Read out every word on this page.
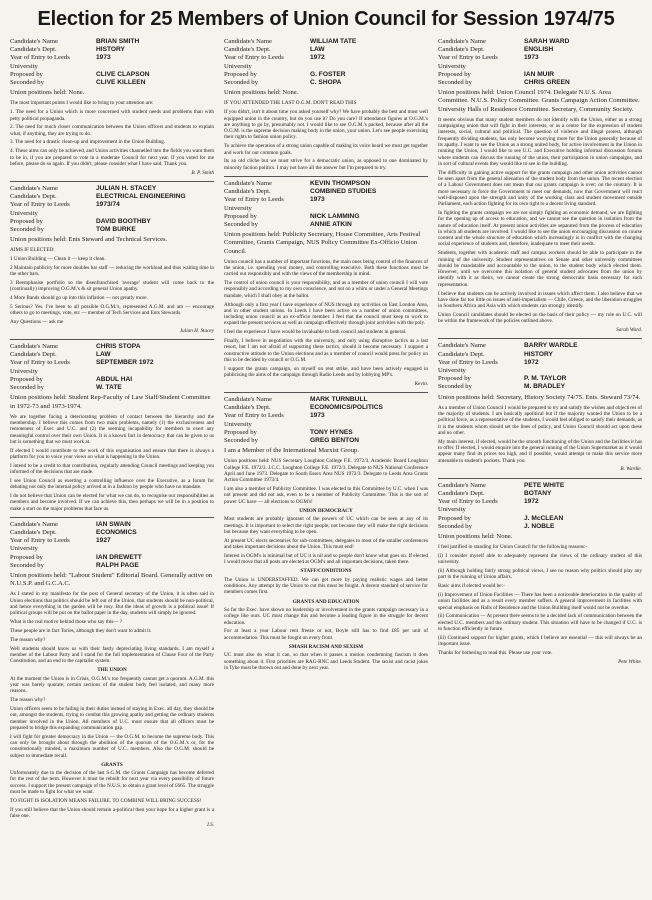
Election for 25 Members of Union Council for Session 1974/75
Candidate's Name	BRIAN SMITH
Candidate's Dept.	HISTORY
Year of Entry to Leeds University
1973
Proposed by	CLIVE CLAPSON
Seconded by	CLIVE KILLEEN
Union positions held: None.

The most important points I would like to bring to your attention are:

1. The need for a Union which is more concerned with student needs and problems than with petty political propaganda.

2. The need for much closer communication between the Union officers and students to explain what, if anything, they are trying to do.

3. The need for a drastic clean-up and improvement in the Union Building.

4. These aims can only be achieved, and Union activities channelled into the fields you want them to be in, if you are prepared to vote in a moderate Council for next year. If you voted for me before, please do so again. If you didn't, please consider what I have said. Thank you.

B. P. Smith

Candidate's Name	JULIAN H. STACEY
Candidate's Dept.	ELECTRICAL ENGINEERING
Year of Entry to Leeds University
1973/74
Proposed by	DAVID BOOTHBY
Seconded by	TOM BURKE
Union positions held: Ents Steward and Technical Services.

AIMS IF ELECTED:

1 Union Building — Clean it — keep it clean.

2 Maintain publicity for more doubles bar staff — reducing the workload and thus waiting time in the other bars.

3 Reemphasise portfolio so the disenfranchised 'average' student will come back to the (continually) improving O.G.M.'s & sit general Union apathy.

4 More Bands should go up into this inflation — not greatly more.

5 Serious? Yes. I've been to all possible O.G.M.'s, represented A.G.M. and am — encourage others to go to meetings, vote, etc — member of Tech Services and Ents Stewards.

Any Questions — ask me

Julian H. Stacey

Candidate's Name	CHRIS STOPA
Candidate's Dept.	LAW
Year of Entry to Leeds University
SEPTEMBER 1972
Proposed by	ABDUL HAI
Seconded by	W. TATE
Union positions held: Student Rep-Faculty of Law Staff/Student Committee in 1972-73 and 1973-1974.

We are together facing a deteriorating problem of contact between the hierarchy and the membership. I believe this comes from two main problems, namely (1) the exclusiveness and remoteness of Exec and U.C. and (2) the seeming incapability for members to exert any meaningful control over their own Union. It is a known fact in democracy that can be given to us but is something that we must work at.

If elected I would contribute to the work of this organisation and ensure that there is always a platform for you to voice your views on what is happening in the Union.

I intend to be a credit to that contribution, regularly attending Council meetings and keeping you informed of the decisions that are made.

I see Union Council as exerting a controlling influence over the Executive, as a forum for debating not only the internal policy arrived at in a fashion by people who have no mandate.

I do not believe that Union can be elected for what we can do, to recognise our responsibilities as members and become involved. If we can achieve this, then perhaps we will be in a position to make a start on the major problems that face us.

Candidate's Name	IAN SWAIN
Candidate's Dept.	ECONOMICS
Year of Entry to Leeds University
1927
Proposed by	IAN DREWETT
Seconded by	RALPH PAGE
Union positions held: "Labour Student" Editorial Board. Generally active on N.U.S.P. and G.C.A.C.

As I stated in my manifesto for the post of General secretary of the Union, it is often said in Union elections that politics should be left out of the Union, that students should be non-political, and hence everything in the garden will be rosy. But the ideas of growth is a political issue! If political groups will be put on the ballot paper in the day, students will simply be ignored.

What is the real motive behind those who say this— ?

These people are in fact Tories, although they don't want to admit it.

The reason why?

Well students should know us with their fastly depreciating living standards. I am myself a member of the Labour Party and I stand for the full implementation of Clause Four of the Party Constitution, and an end to the capitalist system.

THE UNION

At the moment the Union is in Crisis, O.G.M.'s too frequently cannot get a quorum. A.G.M. this year was barely quorate; certain sections of the student body feel isolated, and many more reasons.

The reason why?

Union officers seem to be failing in their duties instead of staying in Exec. all day, they should be out, amongst the students, trying to combat this growing apathy and getting the ordinary students member involved in the Union. All members of U.C. must ensure that all officers must be prepared to bridge this expanding communication gap.

I will fight for greater democracy in the Union — the O.G.M. to become the supreme body. This can only be brought about through the abolition of the quorum of the O.G.M.'s or, for the constitutionally minded, a maximum number of U.C. members. Also the O.G.M. should be subject to immediate recall.

GRANTS

Unfortunately due to the decision of the last S.G.M. the Grants Campaign has become deferred for the rest of the term. However it must be rebuilt for next year via every possibility of future success. I support the present campaign of the N.U.S. to obtain a grant level of £665. The struggle must be made to fight for what we want.

TO FIGHT IS ISOLATION MEANS FAILURE. TO COMBINE WILL BRING SUCCESS!

If you still believe that the Union should remain a-political then your hope for a higher grant is a false one.

I.S.

Candidate's Name	WILLIAM TATE
Candidate's Dept.	LAW
Year of Entry to Leeds University
1972
Proposed by	G. FOSTER
Seconded by	C. SHOPA
Union positions held: None.

IF YOU ATTENDED THE LAST O.G.M. DON'T READ THIS

If you didn't, isn't it about time you asked yourself why? We have probably the best and most well equipped union in the country, but do you use it? Do you care? If attendance figures at O.G.M.'s are anything to go by, presumably not. I would like to see O.G.M.'s packed, because after all the O.G.M. is the supreme decision making body in the union, your union. Let's see people exercising their rights to fashion union policy.

To achieve the operation of a strong union capable of making its voice heard we must get together and work for our common goals.

Its an old cliche but we must strive for a democratic union, as opposed to one dominated by minority faction politics. I may not have all the answer but I'm prepared to try.

Candidate's Name	KEVIN THOMPSON
Candidate's Dept.	COMBINED STUDIES
Year of Entry to Leeds University
1973
Proposed by	NICK LAMMING
Seconded by	ANNIE ATKIN
Union positions held: Publicity Secretary, House Committee, Arts Festival Committee, Grants Campaign, NUS Policy Committee Ex-Officio Union Council.

Union council has a number of important functions, the main ones being control of the finances of the union, i.e. spending your money, and controlling executive. Both these functions must be carried out responsibly and with the views of the membership in mind.

The control of union council is your responsibility, and as a member of union council I will vote responsibly and according to my own conscience, and not on a whim or under a General Meetings mandate, which I shall obey at the ballot.

Although only a first year I have experience of NUS through my activities on East London Area, and in other student unions. In Leeds I have been active on a number of union committees, including union council as an ex-officio member. I feel that the council must keep to work to expand the present services as well as campaign effectively through joint activities with the poly.

I feel the experience I have would be invaluable to both council and students in general.

Finally, I believe in negotiation with the university, and only using disruptive tactics as a last resort, but I am not afraid of supporting these tactics, should it become necessary. I support a constructive attitude to the Union elections and as a member of council would press for policy on this to be decided by council or O.G.M.

I support the grants campaign, on myself on rent strike, and have been actively engaged in publicising the aims of the campaign through Radio Leeds and by lobbying MP's.

Kevin.

Candidate's Name	MARK TURNBULL
Candidate's Dept.	ECONOMICS/POLITICS
Year of Entry to Leeds University
1973
Proposed by	TONY HYNES
Seconded by	GREG BENTON
I am a Member of the International Marxist Group.

Union positions held: NUS Secretary Loughton College F.E. 1972/3. Academic Board Loughton College F.E. 1972/3. J.C.C. Loughton College F.E. 1972/3. Delegate to NUS National Conference April and June 1973. Delegate to South Essex Area NUS 1972/3. Delegate to Leeds Area Grants Action Committee 1973/4.

I am also a member of Publicity Committee. I was elected to this Committee by U.C. when I was not present and did not ask, even to be a member of Publicity Committee. This is the sort of power UC have — all elections to OGM's!

UNION DEMOCRACY

Most students are probably ignorant of the powers of UC which can be seen at any of its meetings. It is important to select the right people, not because they will make the right decisions but because they want everything to be open.

At present UC elects secretaries for sub-committees, delegates to most of the smaller conferences and takes important decisions about the Union. This must end!

Interest in OGM's is minimal but of UC it is nil and so people don't know what goes on. If elected I would move that all posts are elected at OGM's and all important decisions, taken there.

STAFF/CONDITIONS

The Union is UNDERSTAFFED. We can get more by paying realistic wages and better conditions. Any attempt by the Union to cut this must be fought. A decent standard of service for members comes first.

GRANTS AND EDUCATION

So far the Exec. have shown no leadership or involvement in the grants campaign necessary in a college like ours. UC must change this and become a leading figure in the struggle for decent education.

For at least a year Labour rent freeze or not, Boyle still has to find £85 per unit of accommodation. This must be fought on every front.

SMASH RACISM AND SEXISM

UC must also do what it can, so that when it passes a motion condemning fascism it does something about it. First priorities are RAG-RNC and Leeds Student. The sexist and racist jokes in Tyke must be thrown out and done by next year.

Candidate's Name	SARAH WARD
Candidate's Dept.	ENGLISH
Year of Entry to Leeds University
1973
Proposed by	IAN MUIR
Seconded by	CHRIS GREEN
Union positions held: Union Council 1974. Delegate N.U.S. Area Committee. N.U.S. Policy Committee. Grants Campaign Action Committee. University Halls of Residence Committee. Secretary, Community Society.

It seems obvious that many student members do not identify with the Union, either as a strong campaigning union that will fight in their interests, or as a centre for the expression of student interests, social, cultural and political. The question of violence and illegal protest, although frequently dividing students, has only become worrying more for the Union generally because of its apathy. I want to see the Union as a strong united body, for active involvement in the Union in running the Union, I would like to see U.C. and Executive holding informal discussion forums where students can discuss the running of the union, their participation in union campaigns, and in sort of cultural events they would like to see in the building.

The difficulty in gaining active support for the grants campaign and other union activities cannot be seen apart from the general alienation of the student body from the union. The recent election of a Labour Government does not mean that our grants campaign is over; on the contrary. It is more necessary to force the Government to meet our demands, now that Government will react well-disposed upon the strength and unity of the working class and student movement outside Parliament, each action fighting for its own right to a decent living standard.

In fighting the grants campaign we are not simply fighting an economic demand; we are fighting for the opening up of access to education, and we cannot see the question in isolation from the nature of education itself. At present union activities are separated from the process of education in which all students are involved. I would like to see the union encouraging discussion on course content and the whole structure of education which increasingly is in conflict with the changing social experience of students and, therefore, inadequate to meet their needs.

Students, together with academic staff and campus workers should be able to participate in the running of the university. Student representatives on Senate and other university committees should be mandatable and accountable to the union, to the student body which elected them. However, until we overcome this isolation of general student advocates from the union by identify with it as theirs, we cannot create the strong democratic basis necessary for such representation.

I believe that students can be actively involved in issues which affect them. I also believe that we have done far too little on issues of anti-imperialism — Chile, Greece, and the liberation struggles in Southern Africa and Asia with which students can strongly identify.

Union Council candidates should be elected on the basis of their policy — my role on U.C. will be within the framework of the policies outlined above.

Sarah Ward.

Candidate's Name	BARRY WARDLE
Candidate's Dept.	HISTORY
Year of Entry to Leeds University
1972
Proposed by	P. M. TAYLOR
Seconded by	M. BRADLEY
Union positions held: Secretary, History Society 74/75. Ents. Steward 73/74.

As a member of Union Council I would be prepared to try and satisfy the wishes and objectives of the majority of students. I am basically apolitical but if the majority wanted the Union to be a political force, as a representative of the students, I would feel obliged to satisfy their demands, as it is the students whom should set the lines of policy, and Union Council should act upon these and no other.

My main interest, if elected, would be the smooth functioning of the Union and the facilities it has to offer. If elected, I would enquire into the general running of the Union Supermarket as it would appear many find its prices too high, and if possible, would attempt to make this service more amenable to student's pockets. Thank you.

B. Wardle.

Candidate's Name	PETE WHITE
Candidate's Dept.	BOTANY
Year of Entry to Leeds University
1972
Proposed by	J. McCLEAN
Seconded by	J. NOBLE
Union positions held: None.

I feel justified in standing for Union Council for the following reasons:-

(i) I consider myself able to adequately represent the views of the ordinary student of this university.

(ii) Although holding fairly strong political views, I see no reason why politics should play any part in the running of Union affairs.

Basic aims if elected would be:-

(i) Improvement of Union Facilities — There has been a noticeable deterioration in the quality of union facilities and as a result every member suffers. A general improvement in facilities with special emphasis on Halls of Residence and the Union Building itself would not be overdue.

(ii) Communication — At present there seems to be a decided lack of communication between the elected U.C. members and the ordinary student. This situation will have to be changed if U.C. is to function efficiently in future.

(iii) Continued support for higher grants, which I believe are essential — this will always be an important issue.

Thanks for bothering to read this. Please use your vote.

Pete White.
